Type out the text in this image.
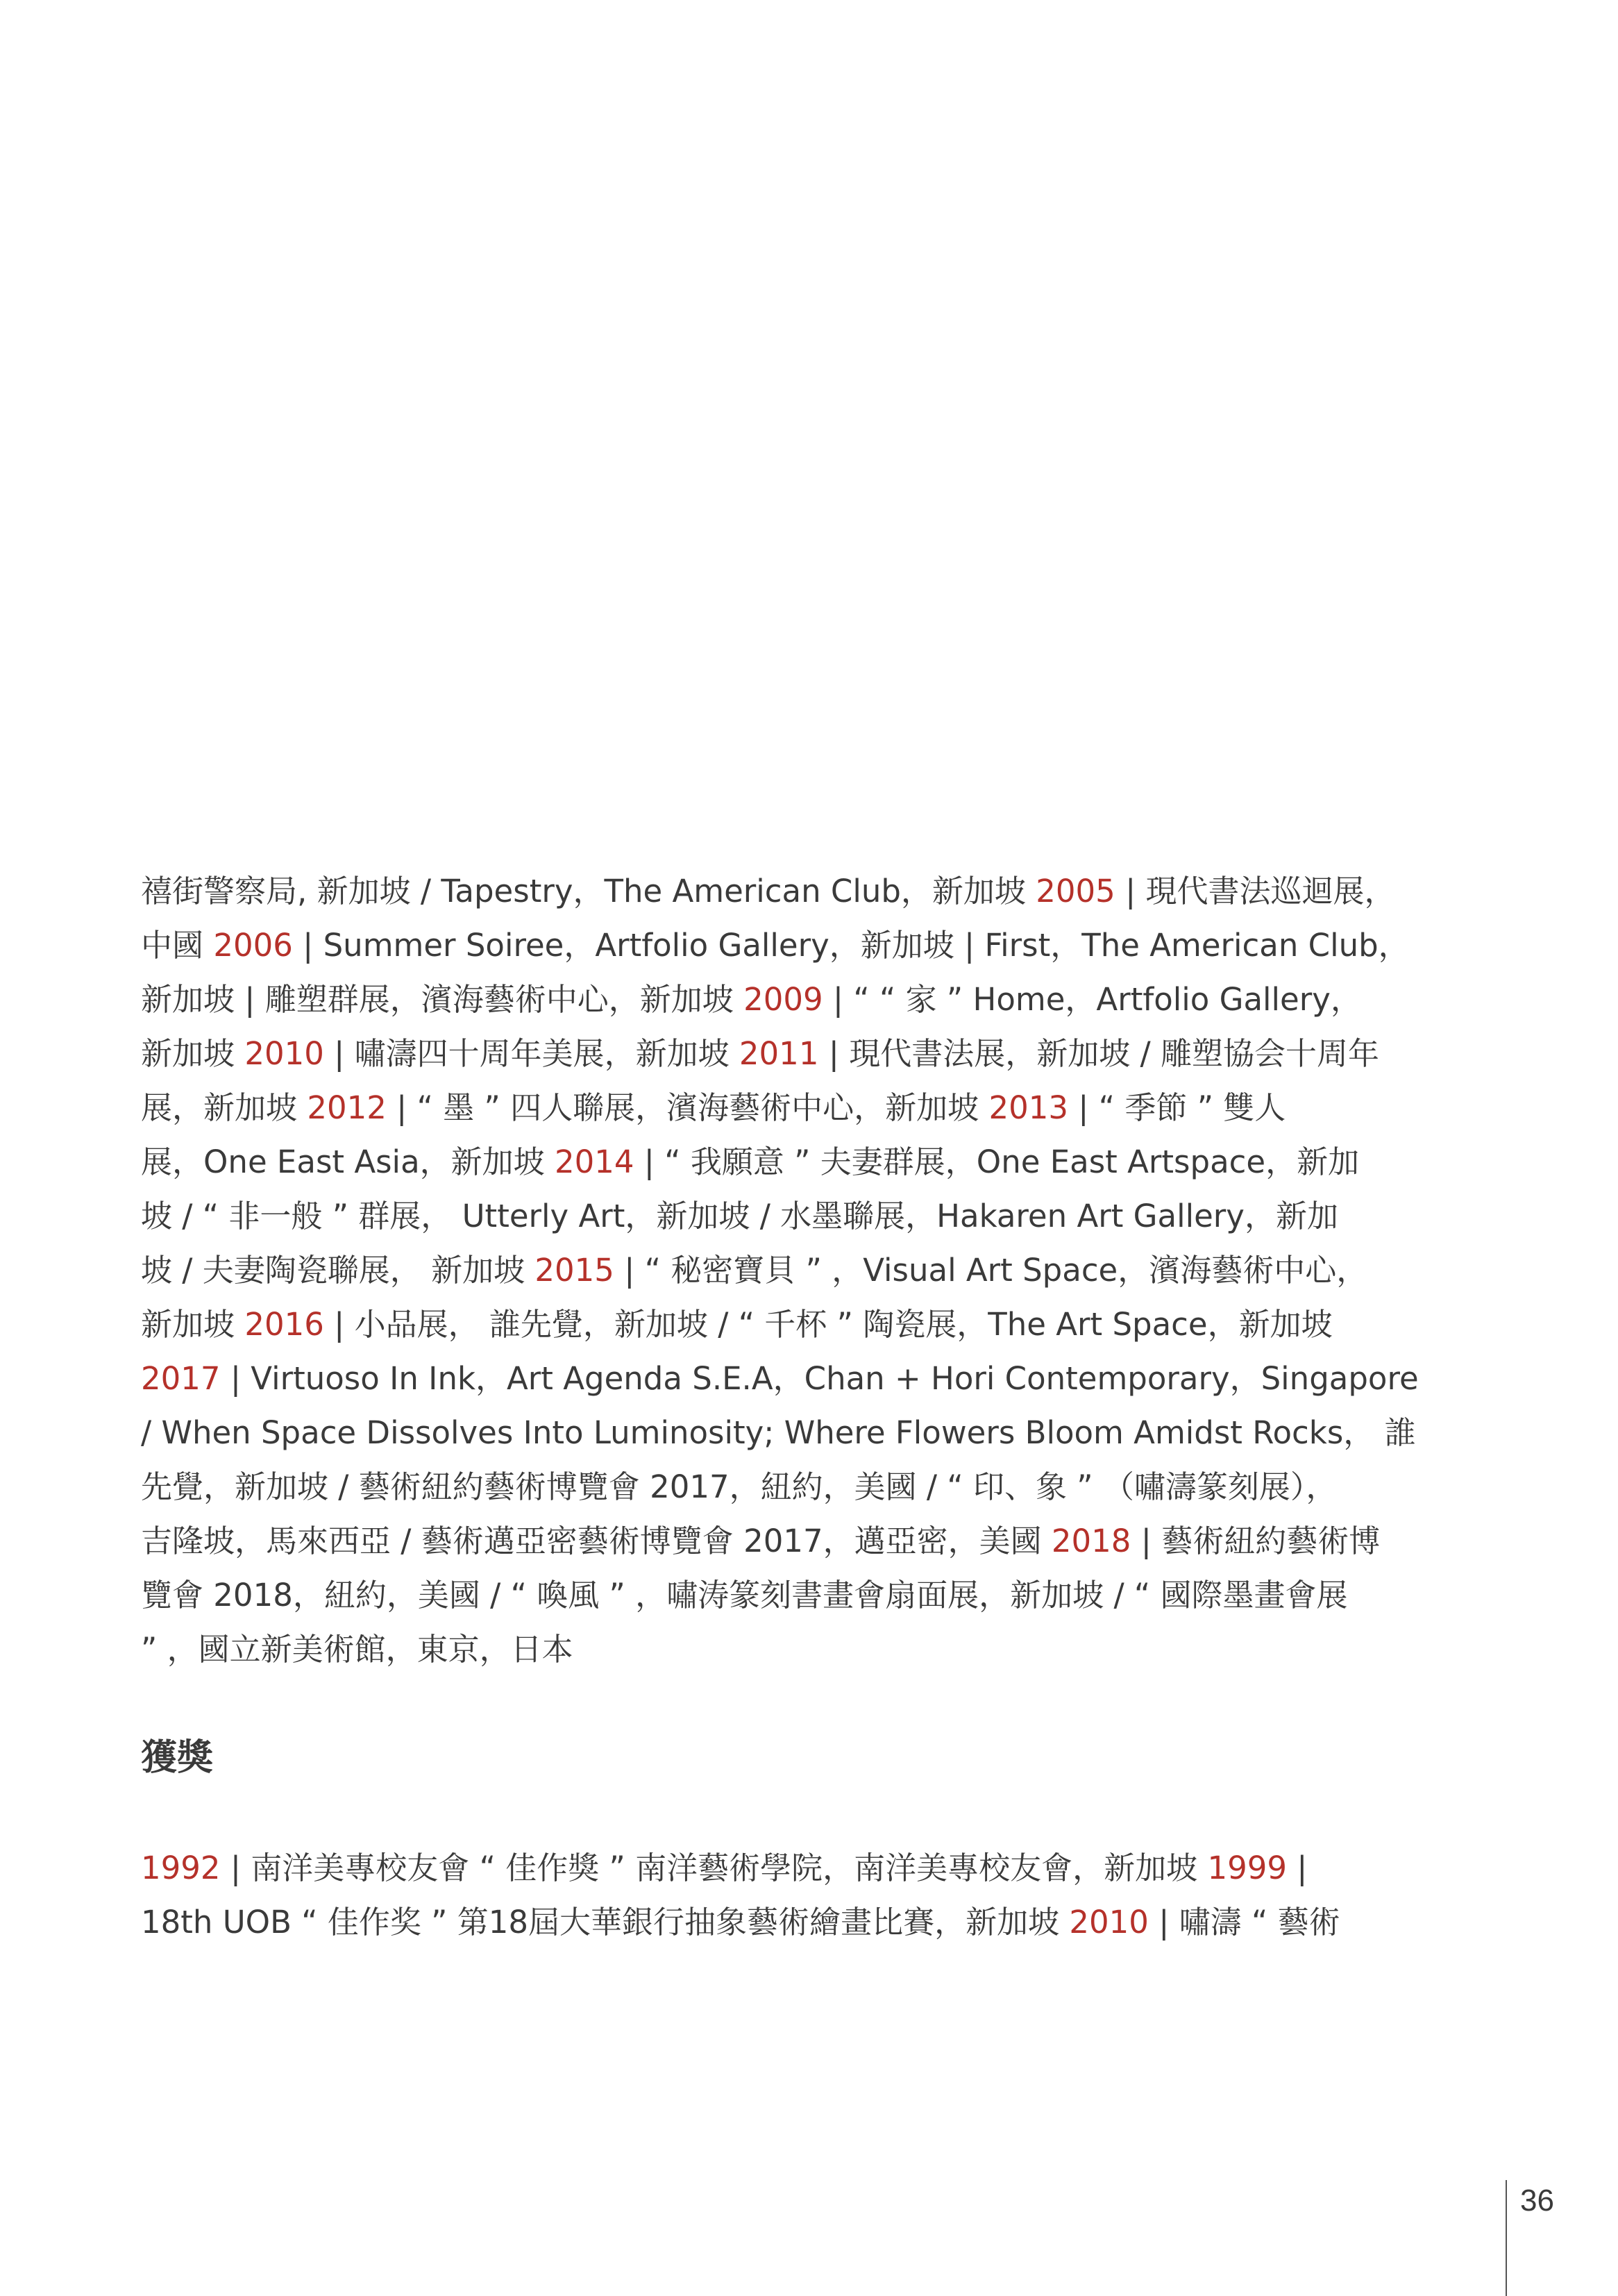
禧街警察局, 新加坡 / Tapestry，The American Club，新加坡 2005 | 現代書法巡迴展，
中國 2006 | Summer Soiree，Artfolio Gallery，新加坡 | First，The American Club，
新加坡 | 雕塑群展，濱海藝術中心，新加坡 2009 | “ “ 家 ” Home，Artfolio Gallery，
新加坡 2010 | 嘯濤四十周年美展，新加坡 2011 | 現代書法展，新加坡 / 雕塑協会十周年
展，新加坡 2012 | “ 墨 ” 四人聯展，濱海藝術中心，新加坡 2013 | “ 季節 ” 雙人
展，One East Asia，新加坡 2014 | “ 我願意 ” 夫妻群展，One East Artspace，新加
坡 / “ 非一般 ” 群展， Utterly Art，新加坡 / 水墨聯展，Hakaren Art Gallery，新加
坡 / 夫妻陶瓷聯展， 新加坡 2015 | “ 秘密寶貝 ” ，Visual Art Space，濱海藝術中心，
新加坡 2016 | 小品展， 誰先覺，新加坡 / “ 千杯 ” 陶瓷展，The Art Space，新加坡
2017 | Virtuoso In Ink，Art Agenda S.E.A，Chan + Hori Contemporary，Singapore
/ When Space Dissolves Into Luminosity; Where Flowers Bloom Amidst Rocks， 誰
先覺，新加坡 / 藝術紐約藝術博覽會 2017，紐約，美國 / “ 印、象 ” （嘯濤篆刻展），
吉隆坡，馬來西亞 / 藝術邁亞密藝術博覽會 2017，邁亞密，美國 2018 | 藝術紐約藝術博
覽會 2018，紐約，美國 / “ 喚風 ” ，嘯涛篆刻書畫會扇面展，新加坡 / “ 國際墨畫會展
” ，國立新美術館，東京，日本
獲獎
1992 | 南洋美專校友會 “ 佳作獎 ” 南洋藝術學院，南洋美專校友會，新加坡 1999 |
18th UOB “ 佳作奖 ” 第18屆大華銀行抽象藝術繪畫比賽，新加坡 2010 | 嘯濤 “ 藝術
36
